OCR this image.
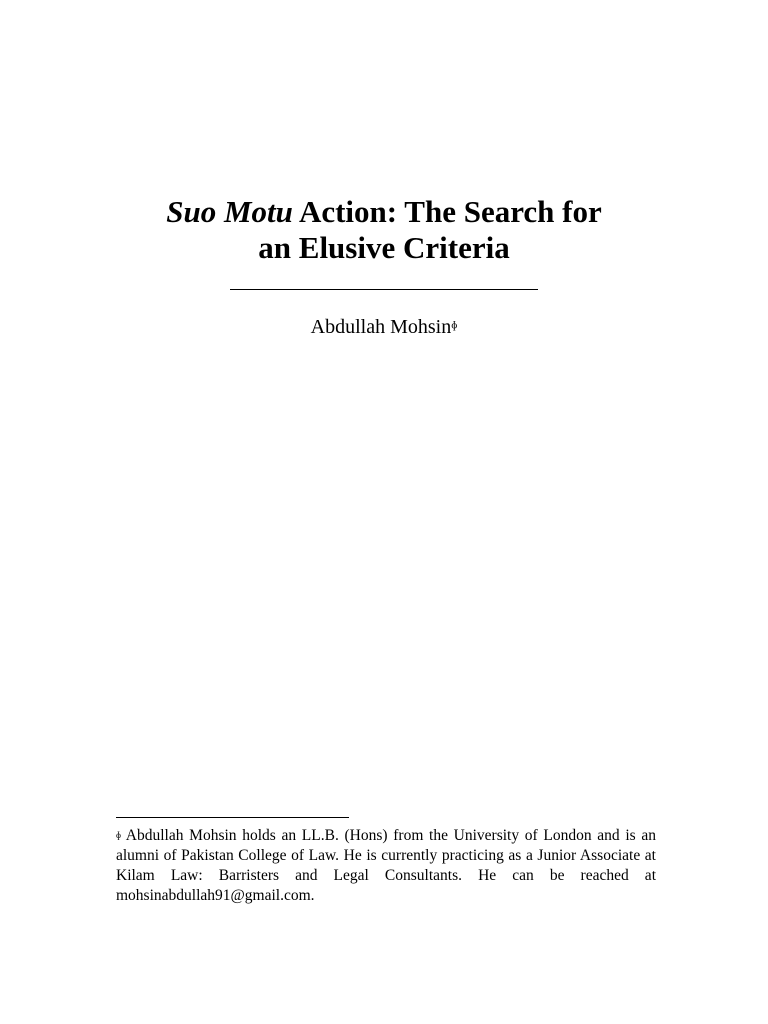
Suo Motu Action: The Search for
an Elusive Criteria
Abdullah Mohsin$^ɸ$
$^ɸ$ Abdullah Mohsin holds an LL.B. (Hons) from the University of London and is an alumni of Pakistan College of Law. He is currently practicing as a Junior Associate at Kilam Law: Barristers and Legal Consultants. He can be reached at mohsinabdullah91@gmail.com.
